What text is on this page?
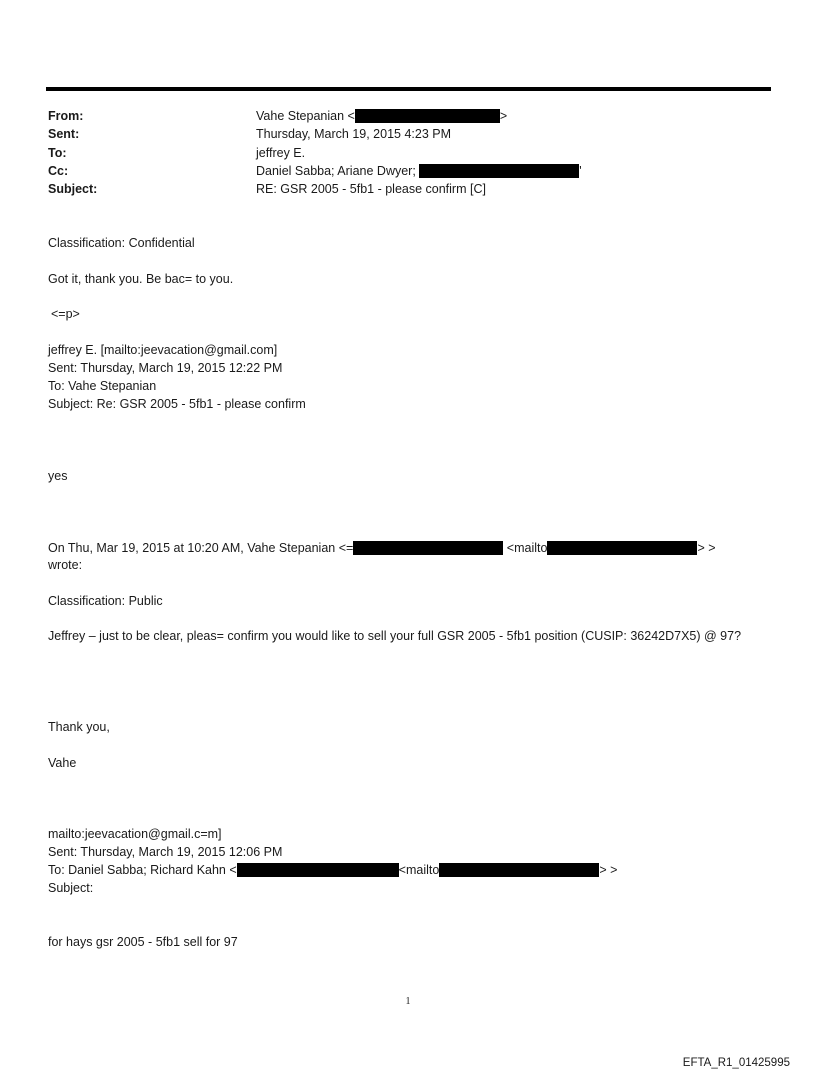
From:	Vahe Stepanian <	>
Sent:	Thursday, March 19, 2015 4:23 PM
To:	jeffrey E.
Cc:	Daniel Sabba; Ariane Dwyer;	'
Subject:	RE: GSR 2005 - 5fb1 - please confirm [C]
Classification: Confidential
Got it, thank you. Be bac= to you.
<=p>
jeffrey E. [mailto:jeevacation@gmail.com]
Sent: Thursday, March 19, 2015 12:22 PM
To: Vahe Stepanian
Subject: Re: GSR 2005 - 5fb1 - please confirm
yes
On Thu, Mar 19, 2015 at 10:20 AM, Vahe Stepanian <=	<mailto	> >
wrote:
Classification: Public
Jeffrey – just to be clear, pleas= confirm you would like to sell your full GSR 2005 - 5fb1 position (CUSIP: 36242D7X5) @ 97?
Thank you,
Vahe
mailto:jeevacation@gmail.c=m]
Sent: Thursday, March 19, 2015 12:06 PM
To: Daniel Sabba; Richard Kahn <	<mailto	> >
Subject:
for hays gsr 2005 - 5fb1 sell for 97
1
EFTA_R1_01425995
